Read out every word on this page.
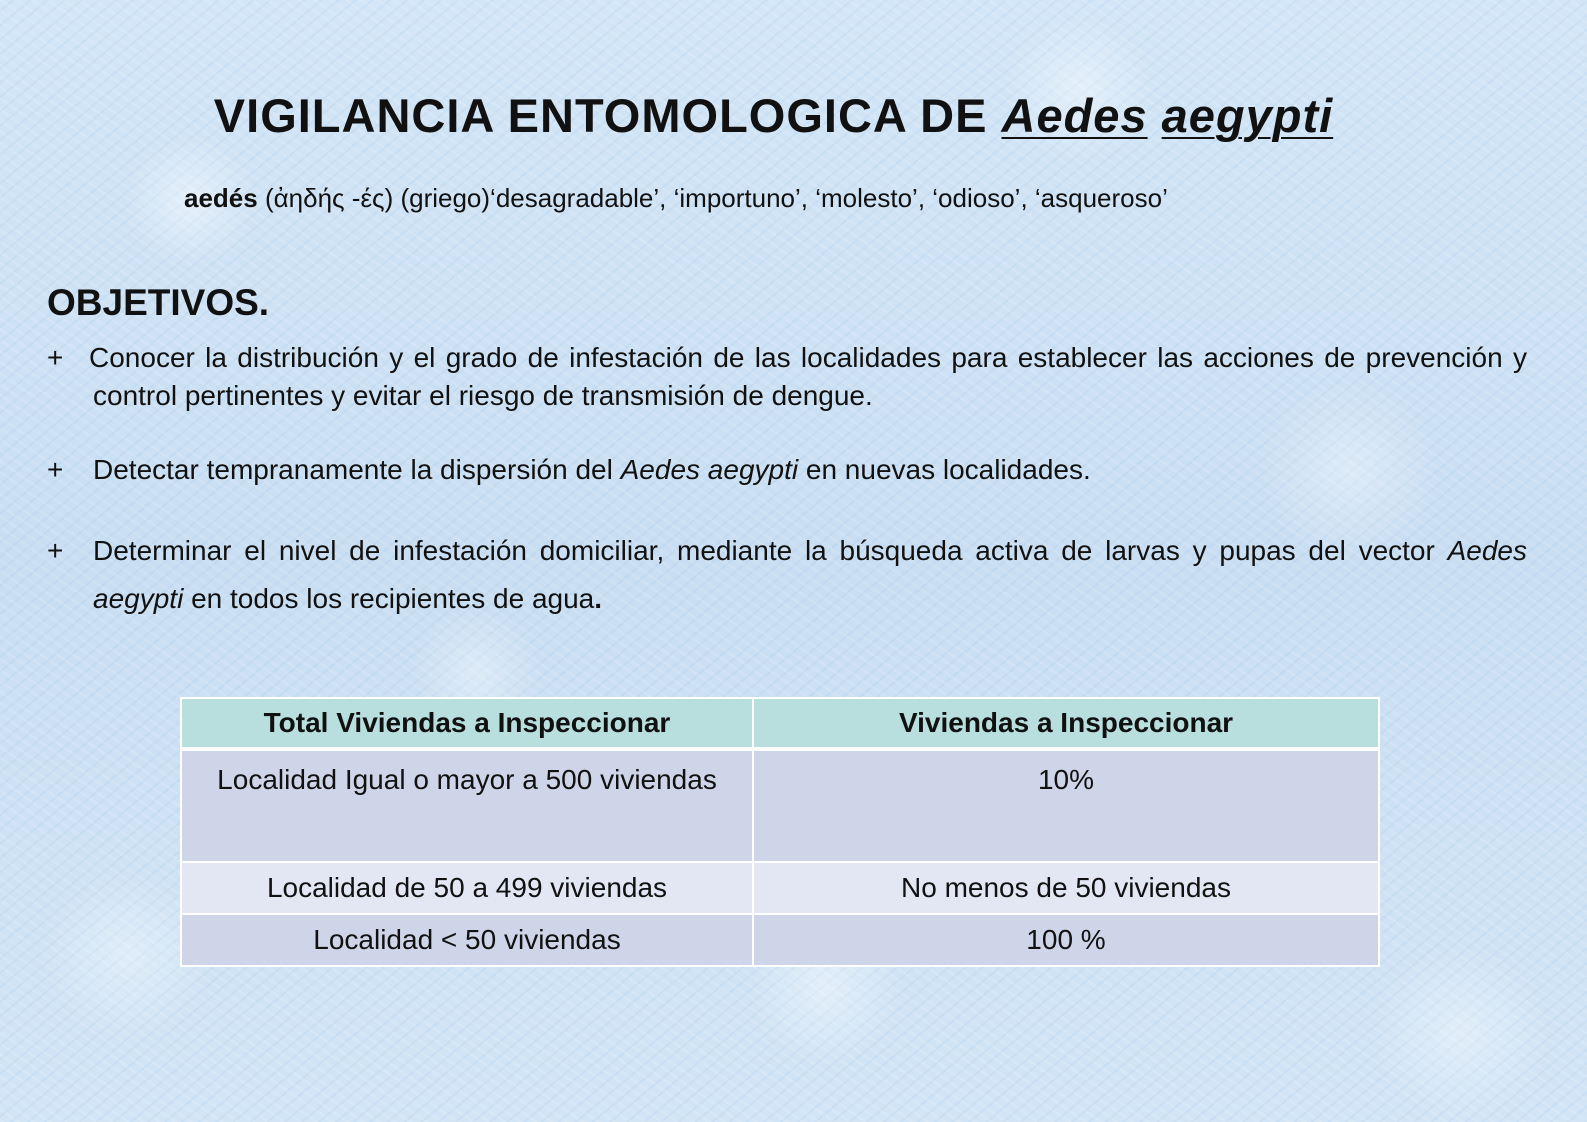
VIGILANCIA ENTOMOLOGICA DE Aedes aegypti
aedés (ἀηδής -ές) (griego)‘desagradable’, ‘importuno’, ‘molesto’, ‘odioso’, ‘asqueroso’
OBJETIVOS.
+ Conocer la distribución y el grado de infestación de las localidades para establecer las acciones de prevención y control pertinentes y evitar el riesgo de transmisión de dengue.
+ Detectar tempranamente la dispersión del Aedes aegypti en nuevas localidades.
+ Determinar el nivel de infestación domiciliar, mediante la búsqueda activa de larvas y pupas del vector Aedes aegypti en todos los recipientes de agua.
Total Viviendas a Inspeccionar	Viviendas a Inspeccionar
Localidad Igual o mayor a 500 viviendas	10%
Localidad de 50 a 499 viviendas	No menos de 50 viviendas
Localidad < 50 viviendas	100 %
